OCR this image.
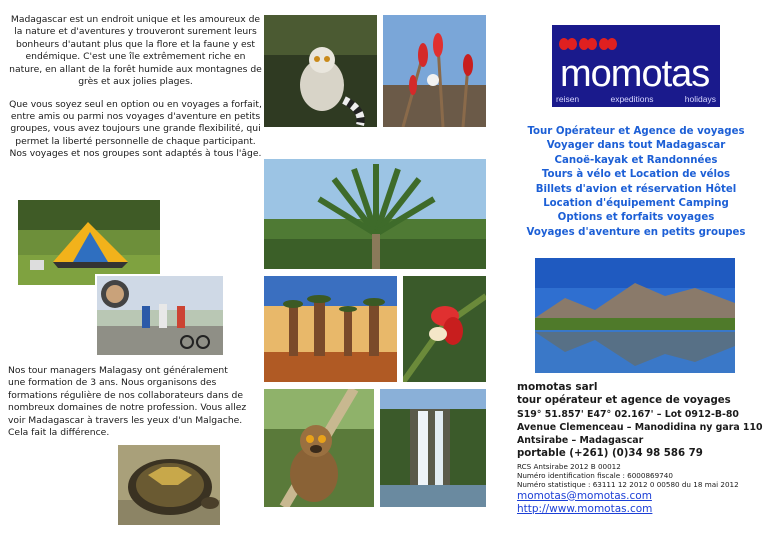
Madagascar est un endroit unique et les amoureux de la nature et d'aventures y trouveront surement leurs bonheurs d'autant plus que la flore et la faune y est endémique. C'est une île extrêmement riche en nature, en allant de la forêt humide aux montagnes de grès et aux jolies plages.

Que vous soyez seul en option ou en voyages a forfait, entre amis ou parmi nos voyages d'aventure en petits groupes, vous avez toujours une grande flexibilité, qui permet la liberté personnelle de chaque participant. Nos voyages et nos groupes sont adaptés à tous l'âge.

Nos tour managers Malagasy ont généralement une formation de 3 ans. Nous organisons des formations régulière de nos collaborateurs dans de nombreux domaines de notre profession. Vous allez voir Madagascar à travers les yeux d'un Malgache. Cela fait la différence.
momotas
reisen	expeditions	holidays
Tour Opérateur et Agence de voyages
Voyager dans tout Madagascar
Canoë-kayak et Randonnées
Tours à vélo et Location de vélos
Billets d'avion et réservation Hôtel
Location d'équipement Camping
Options et forfaits voyages
Voyages d'aventure en petits groupes
momotas sarl
tour opérateur et agence de voyages
S19° 51.857' E47° 02.167' – Lot 0912-B-80 Avenue Clemenceau – Manodidina ny gara 110 Antsirabe – Madagascar
portable (+261) (0)34 98 586 79
RCS Antsirabe 2012 B 00012
Numéro identification fiscale : 6000869740
Numéro statistique : 63111 12 2012 0 00580 du 18 mai 2012
momotas@momotas.com
http://www.momotas.com
